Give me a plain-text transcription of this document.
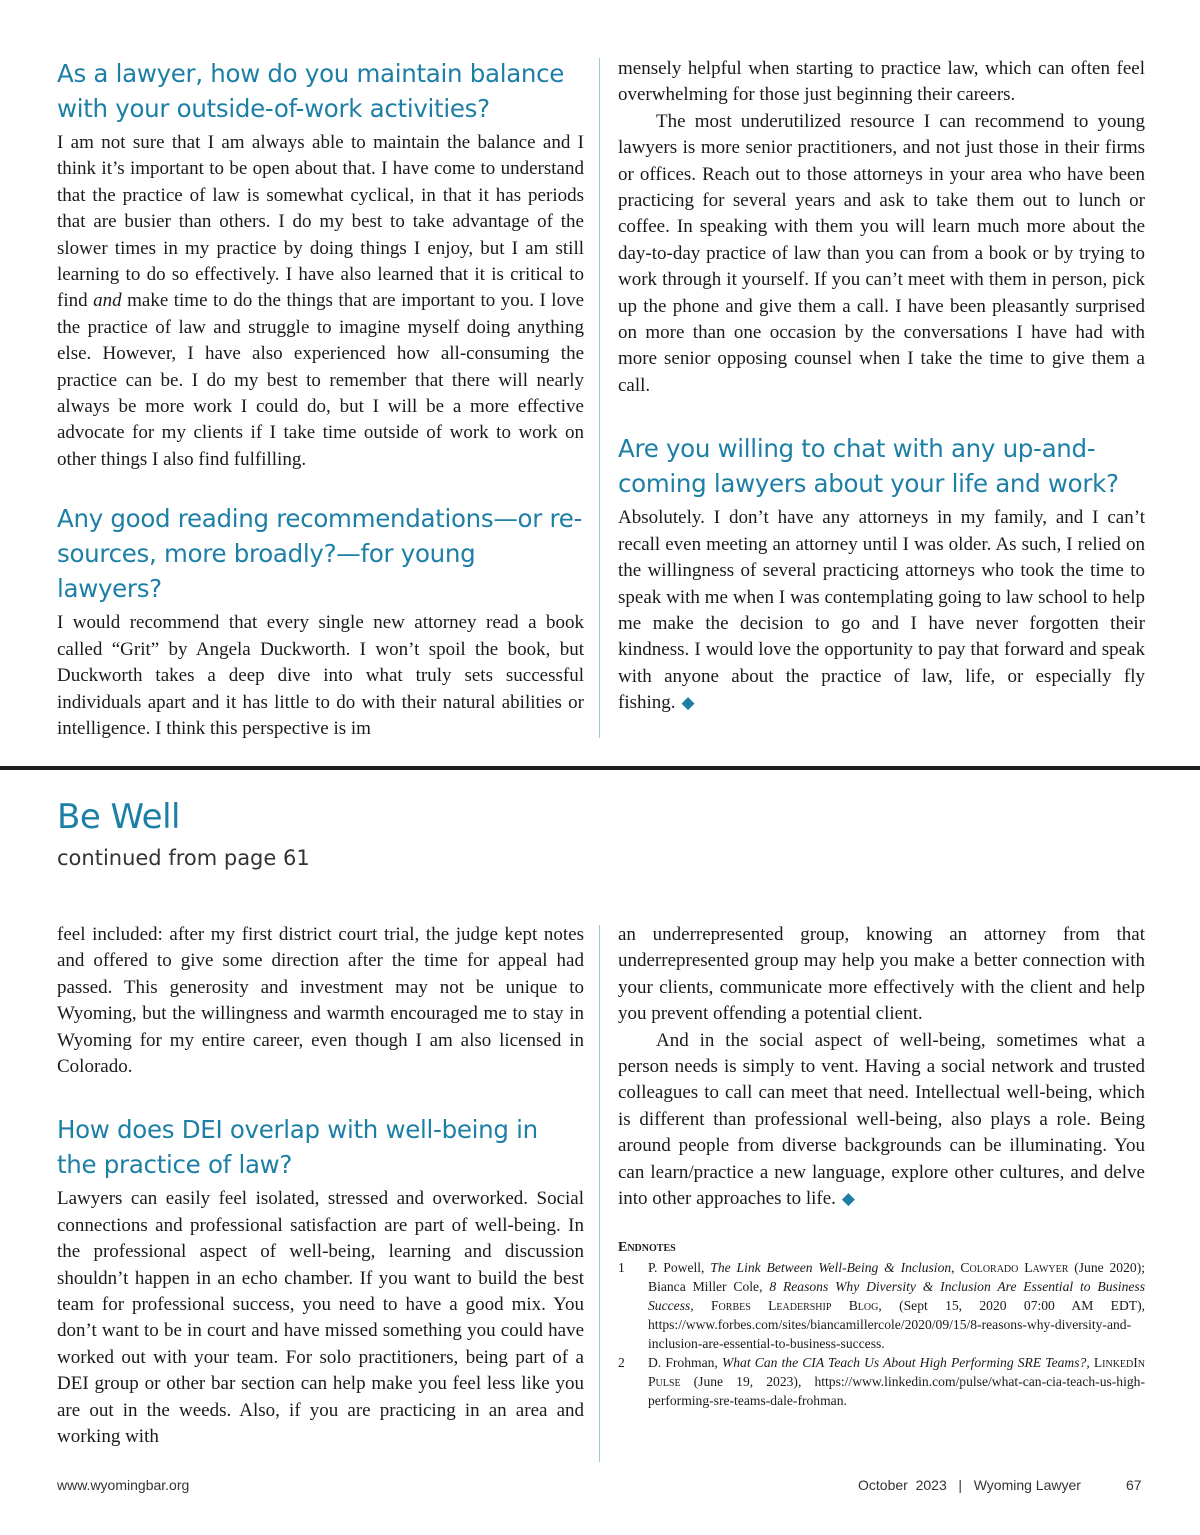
As a lawyer, how do you maintain balance with your outside-of-work activities?

I am not sure that I am always able to maintain the balance and I think it’s important to be open about that. I have come to understand that the practice of law is somewhat cyclical, in that it has periods that are busier than others. I do my best to take advantage of the slower times in my practice by doing things I enjoy, but I am still learning to do so effectively. I have also learned that it is critical to find and make time to do the things that are important to you. I love the practice of law and struggle to imagine myself doing anything else. However, I have also experienced how all-consuming the practice can be. I do my best to remember that there will nearly always be more work I could do, but I will be a more effective advocate for my clients if I take time outside of work to work on other things I also find fulfilling.

Any good reading recommendations—or resources, more broadly?—for young lawyers?

I would recommend that every single new attorney read a book called “Grit” by Angela Duckworth. I won’t spoil the book, but Duckworth takes a deep dive into what truly sets successful individuals apart and it has little to do with their natural abilities or intelligence. I think this perspective is im

mensely helpful when starting to practice law, which can often feel overwhelming for those just beginning their careers.

The most underutilized resource I can recommend to young lawyers is more senior practitioners, and not just those in their firms or offices. Reach out to those attorneys in your area who have been practicing for several years and ask to take them out to lunch or coffee. In speaking with them you will learn much more about the day-to-day practice of law than you can from a book or by trying to work through it yourself. If you can’t meet with them in person, pick up the phone and give them a call. I have been pleasantly surprised on more than one occasion by the conversations I have had with more senior opposing counsel when I take the time to give them a call.

Are you willing to chat with any up-and-coming lawyers about your life and work?

Absolutely. I don’t have any attorneys in my family, and I can’t recall even meeting an attorney until I was older. As such, I relied on the willingness of several practicing attorneys who took the time to speak with me when I was contemplating going to law school to help me make the decision to go and I have never forgotten their kindness. I would love the opportunity to pay that forward and speak with anyone about the practice of law, life, or especially fly fishing. ◆

Be Well
continued from page 61

feel included: after my first district court trial, the judge kept notes and offered to give some direction after the time for appeal had passed. This generosity and investment may not be unique to Wyoming, but the willingness and warmth encouraged me to stay in Wyoming for my entire career, even though I am also licensed in Colorado.

How does DEI overlap with well-being in the practice of law?

Lawyers can easily feel isolated, stressed and overworked. Social connections and professional satisfaction are part of well-being. In the professional aspect of well-being, learning and discussion shouldn’t happen in an echo chamber. If you want to build the best team for professional success, you need to have a good mix. You don’t want to be in court and have missed something you could have worked out with your team. For solo practitioners, being part of a DEI group or other bar section can help make you feel less like you are out in the weeds. Also, if you are practicing in an area and working with

an underrepresented group, knowing an attorney from that underrepresented group may help you make a better connection with your clients, communicate more effectively with the client and help you prevent offending a potential client.

And in the social aspect of well-being, sometimes what a person needs is simply to vent. Having a social network and trusted colleagues to call can meet that need. Intellectual well-being, which is different than professional well-being, also plays a role. Being around people from diverse backgrounds can be illuminating. You can learn/practice a new language, explore other cultures, and delve into other approaches to life. ◆

Endnotes
1	P. Powell, The Link Between Well-Being & Inclusion, Colorado Lawyer (June 2020); Bianca Miller Cole, 8 Reasons Why Diversity & Inclusion Are Essential to Business Success, Forbes Leadership Blog, (Sept 15, 2020 07:00 AM EDT), https://www.forbes.com/sites/biancamillercole/2020/09/15/8-reasons-why-diversity-and-inclusion-are-essential-to-business-success.
2	D. Frohman, What Can the CIA Teach Us About High Performing SRE Teams?, LinkedIn Pulse (June 19, 2023), https://www.linkedin.com/pulse/what-can-cia-teach-us-high-performing-sre-teams-dale-frohman.
www.wyomingbar.org	October  2023   |   Wyoming Lawyer	67
